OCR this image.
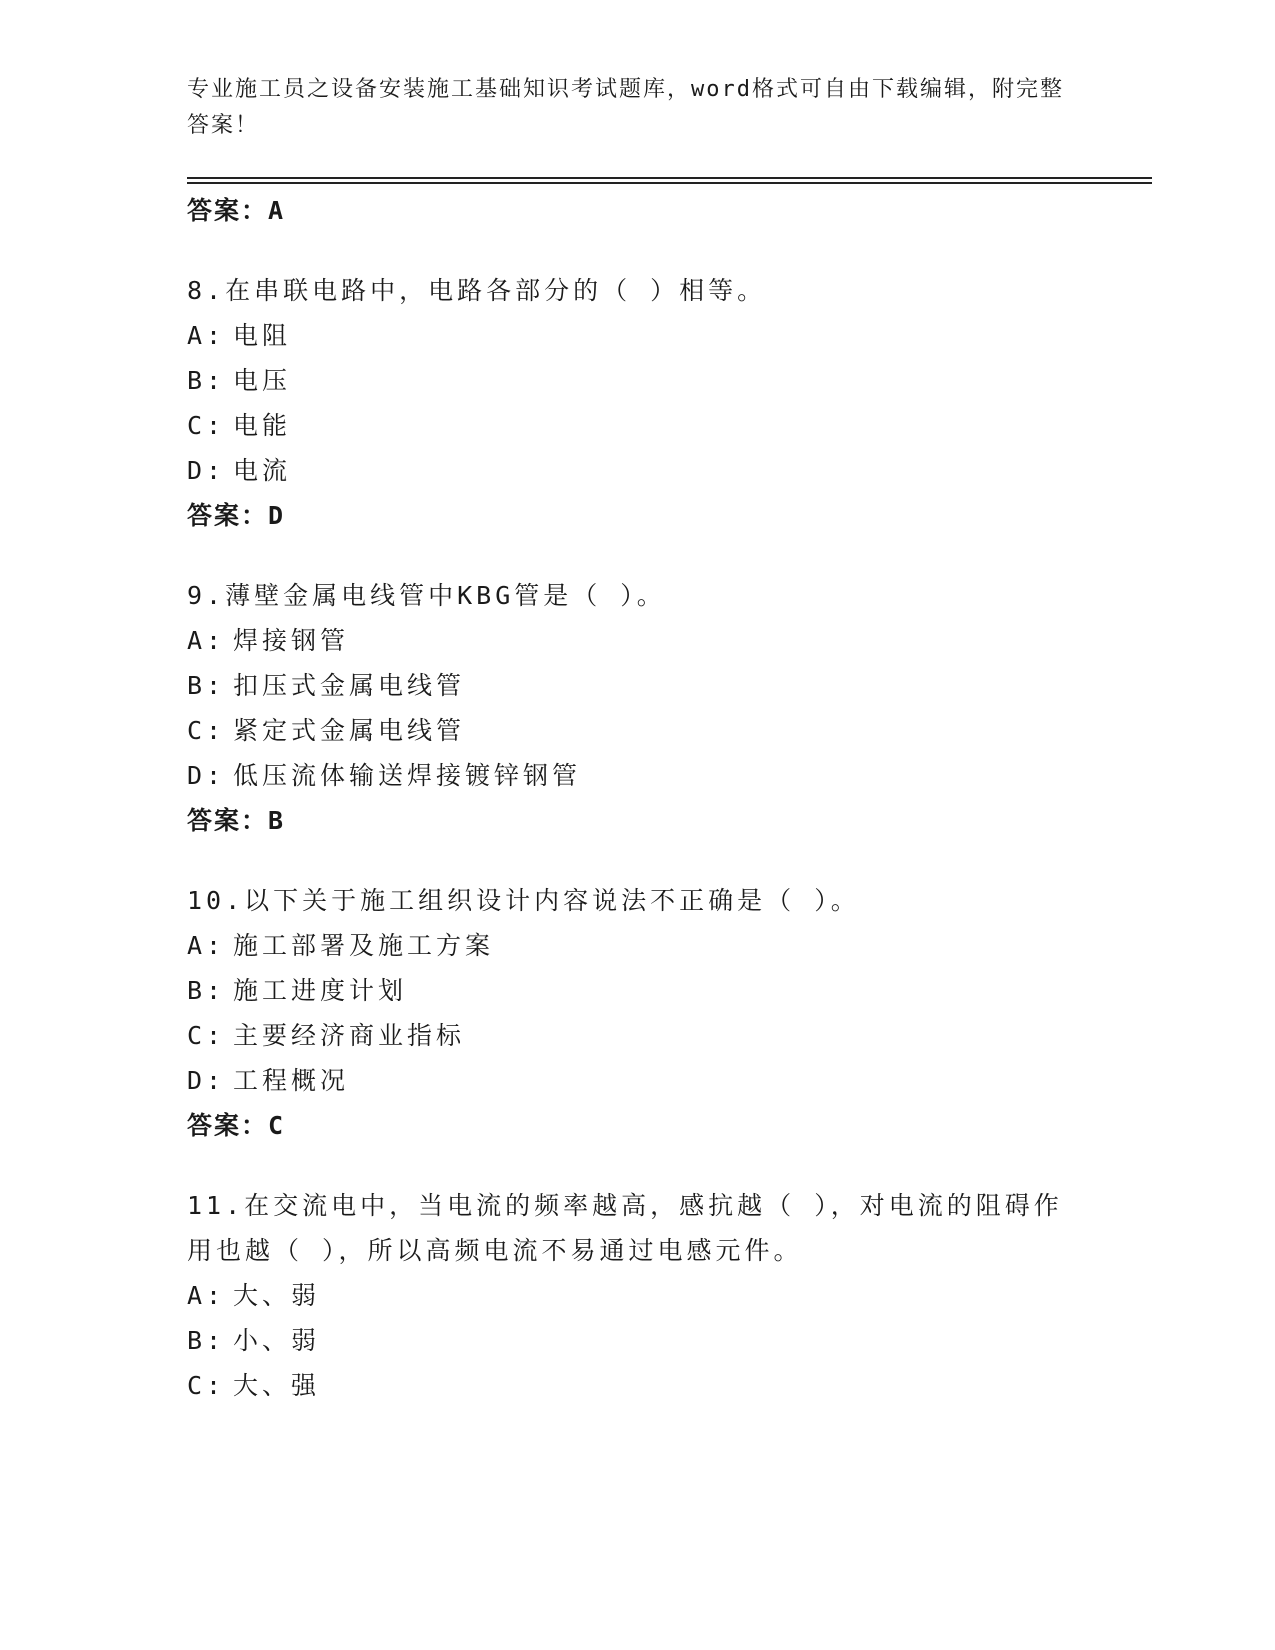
专业施工员之设备安装施工基础知识考试题库，word格式可自由下载编辑，附完整答案！
答案：A
8.在串联电路中，电路各部分的（ ）相等。
A: 电阻
B: 电压
C: 电能
D: 电流
答案：D
9.薄壁金属电线管中KBG管是（ ）。
A: 焊接钢管
B: 扣压式金属电线管
C: 紧定式金属电线管
D: 低压流体输送焊接镀锌钢管
答案：B
10.以下关于施工组织设计内容说法不正确是（ ）。
A: 施工部署及施工方案
B: 施工进度计划
C: 主要经济商业指标
D: 工程概况
答案：C
11.在交流电中，当电流的频率越高，感抗越（ ），对电流的阻碍作用也越（ ），所以高频电流不易通过电感元件。
A: 大、弱
B: 小、弱
C: 大、强
